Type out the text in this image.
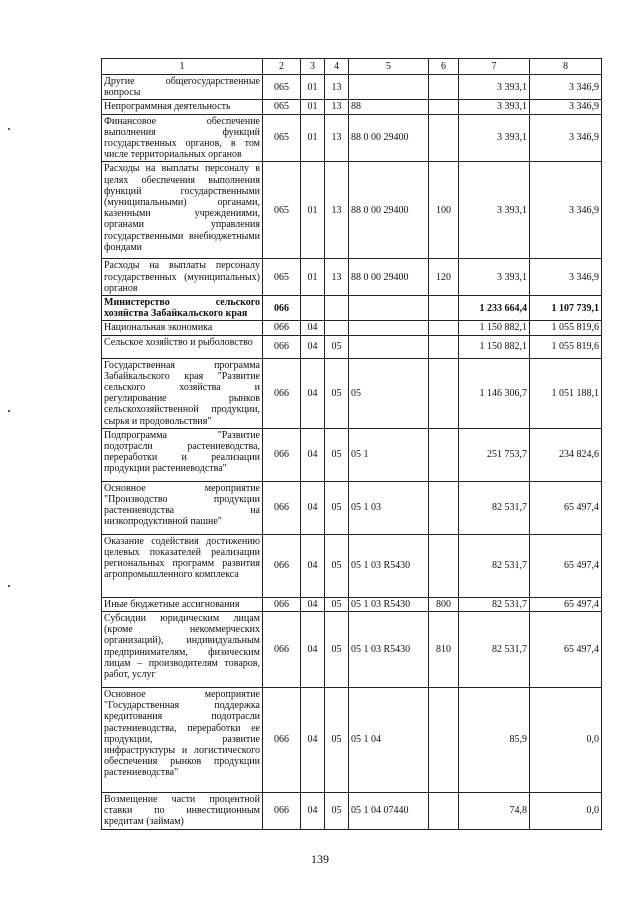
1	2	3	4	5	6	7	8
Другие общегосударственные вопросы	065	01	13			3 393,1	3 346,9
Непрограммная деятельность	065	01	13	88		3 393,1	3 346,9
Финансовое обеспечение выполнения функций государственных органов, в том числе территориальных органов	065	01	13	88 0 00 29400		3 393,1	3 346,9
Расходы на выплаты персоналу в целях обеспечения выполнения функций государственными (муниципальными) органами, казенными учреждениями, органами управления государственными внебюджетными фондами	065	01	13	88 0 00 29400	100	3 393,1	3 346,9
Расходы на выплаты персоналу государственных (муниципальных) органов	065	01	13	88 0 00 29400	120	3 393,1	3 346,9
Министерство сельского хозяйства Забайкальского края	066					1 233 664,4	1 107 739,1
Национальная экономика	066	04				1 150 882,1	1 055 819,6
Сельское хозяйство и рыболовство	066	04	05			1 150 882,1	1 055 819,6
Государственная программа Забайкальского края "Развитие сельского хозяйства и регулирование рынков сельскохозяйственной продукции, сырья и продовольствия"	066	04	05	05		1 146 306,7	1 051 188,1
Подпрограмма "Развитие подотрасли растениеводства, переработки и реализации продукции растениеводства"	066	04	05	05 1		251 753,7	234 824,6
Основное мероприятие "Производство продукции растениеводства на низкопродуктивной пашне"	066	04	05	05 1 03		82 531,7	65 497,4
Оказание содействия достижению целевых показателей реализации региональных программ развития агропромышленного комплекса	066	04	05	05 1 03 R5430		82 531,7	65 497,4
Иные бюджетные ассигнования	066	04	05	05 1 03 R5430	800	82 531,7	65 497,4
Субсидии юридическим лицам (кроме некоммерческих организаций), индивидуальным предпринимателям, физическим лицам – производителям товаров, работ, услуг	066	04	05	05 1 03 R5430	810	82 531,7	65 497,4
Основное мероприятие "Государственная поддержка кредитования подотрасли растениеводства, переработки ее продукции, развитие инфраструктуры и логистического обеспечения рынков продукции растениеводства"	066	04	05	05 1 04		85,9	0,0
Возмещение части процентной ставки по инвестиционным кредитам (займам)	066	04	05	05 1 04 07440		74,8	0,0
139
